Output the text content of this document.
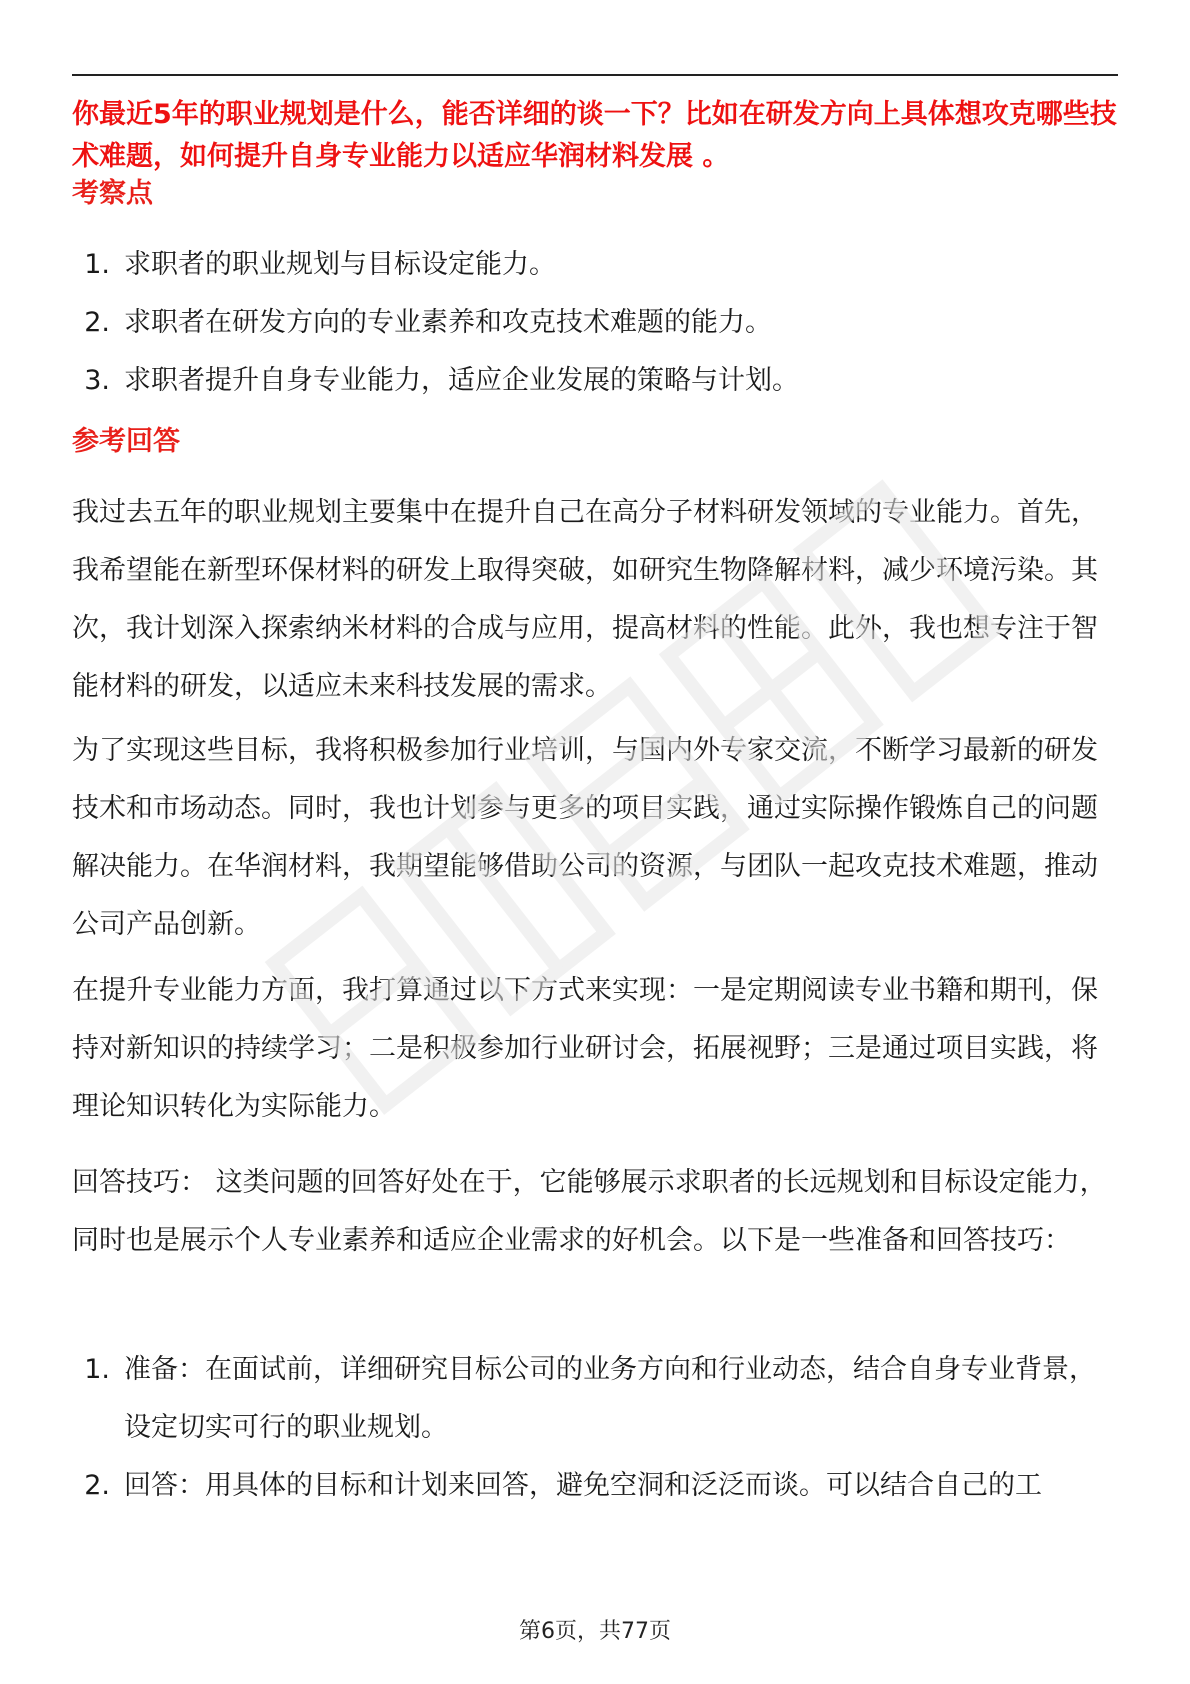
你最近5年的职业规划是什么，能否详细的谈一下？比如在研发方向上具体想攻克哪些技术难题，如何提升自身专业能力以适应华润材料发展 。
考察点
1. 求职者的职业规划与目标设定能力。
2. 求职者在研发方向的专业素养和攻克技术难题的能力。
3. 求职者提升自身专业能力，适应企业发展的策略与计划。
参考回答

我过去五年的职业规划主要集中在提升自己在高分子材料研发领域的专业能力。首先，我希望能在新型环保材料的研发上取得突破，如研究生物降解材料，减少环境污染。其次，我计划深入探索纳米材料的合成与应用，提高材料的性能。此外，我也想专注于智能材料的研发，以适应未来科技发展的需求。

为了实现这些目标，我将积极参加行业培训，与国内外专家交流，不断学习最新的研发技术和市场动态。同时，我也计划参与更多的项目实践，通过实际操作锻炼自己的问题解决能力。在华润材料，我期望能够借助公司的资源，与团队一起攻克技术难题，推动公司产品创新。

在提升专业能力方面，我打算通过以下方式来实现：一是定期阅读专业书籍和期刊，保持对新知识的持续学习；二是积极参加行业研讨会，拓展视野；三是通过项目实践，将理论知识转化为实际能力。

回答技巧： 这类问题的回答好处在于，它能够展示求职者的长远规划和目标设定能力，同时也是展示个人专业素养和适应企业需求的好机会。以下是一些准备和回答技巧：

1. 准备：在面试前，详细研究目标公司的业务方向和行业动态，结合自身专业背景，设定切实可行的职业规划。
2. 回答：用具体的目标和计划来回答，避免空洞和泛泛而谈。可以结合自己的工
第6页，共77页
